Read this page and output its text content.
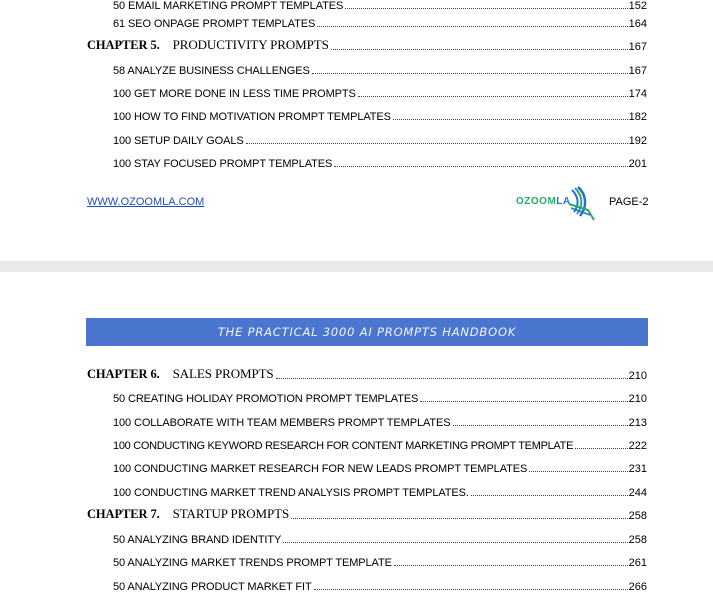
50 EMAIL MARKETING PROMPT TEMPLATES	152
61 SEO ONPAGE PROMPT TEMPLATES	164
CHAPTER 5. PRODUCTIVITY PROMPTS	167
58 ANALYZE BUSINESS CHALLENGES	167
100 GET MORE DONE IN LESS TIME PROMPTS	174
100 HOW TO FIND MOTIVATION PROMPT TEMPLATES	182
100 SETUP DAILY GOALS	192
100 STAY FOCUSED PROMPT TEMPLATES	201
WWW.OZOOMLA.COM	OZOOMLA	PAGE-2
THE PRACTICAL 3000 AI PROMPTS HANDBOOK
CHAPTER 6. SALES PROMPTS	210
50 CREATING HOLIDAY PROMOTION PROMPT TEMPLATES	210
100 COLLABORATE WITH TEAM MEMBERS PROMPT TEMPLATES	213
100 CONDUCTING KEYWORD RESEARCH FOR CONTENT MARKETING PROMPT TEMPLATE	222
100 CONDUCTING MARKET RESEARCH FOR NEW LEADS PROMPT TEMPLATES	231
100 CONDUCTING MARKET TREND ANALYSIS PROMPT TEMPLATES.	244
CHAPTER 7. STARTUP PROMPTS	258
50 ANALYZING BRAND IDENTITY	258
50 ANALYZING MARKET TRENDS PROMPT TEMPLATE	261
50 ANALYZING PRODUCT MARKET FIT	266
